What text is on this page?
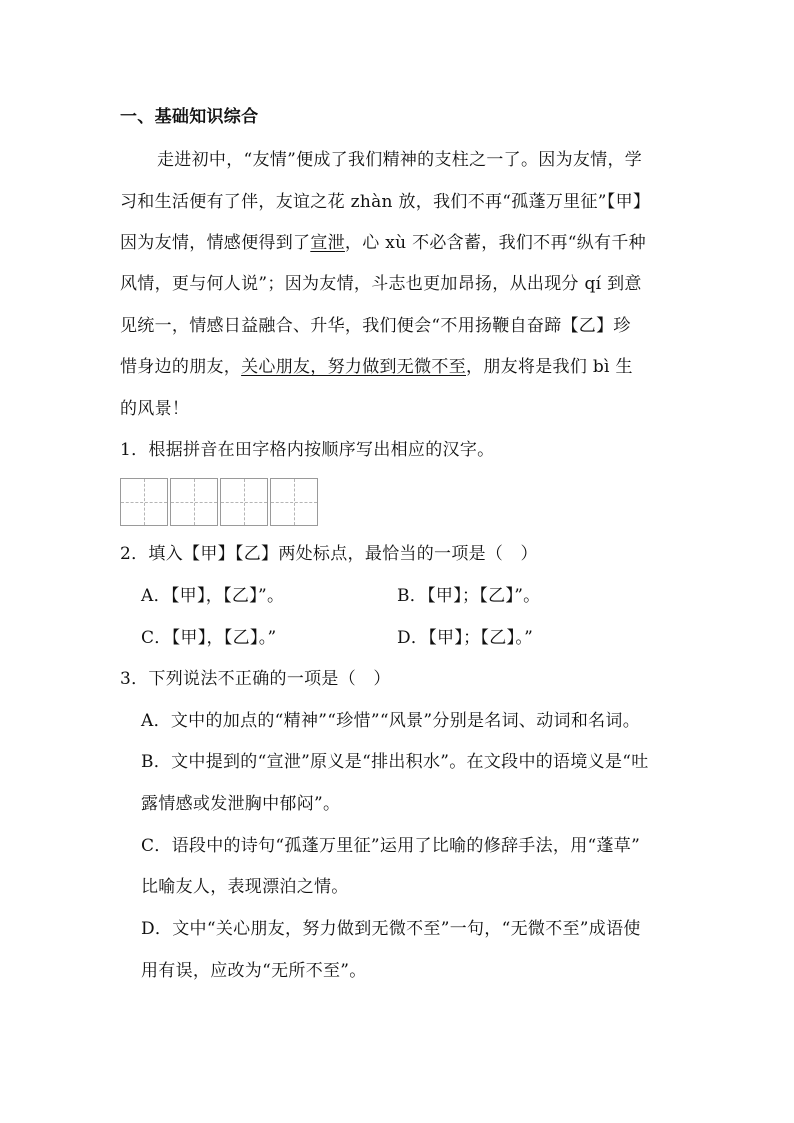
一、基础知识综合
走进初中，“友情”便成了我们精神的支柱之一了。因为友情，学
习和生活便有了伴，友谊之花 zhàn 放，我们不再“孤蓬万里征”【甲】
因为友情，情感便得到了宣泄，心 xù 不必含蓄，我们不再“纵有千种
风情，更与何人说”；因为友情，斗志也更加昂扬，从出现分 qí 到意
见统一，情感日益融合、升华，我们便会“不用扬鞭自奋蹄【乙】珍
惜身边的朋友，关心朋友，努力做到无微不至，朋友将是我们 bì 生
的风景！
1．根据拼音在田字格内按顺序写出相应的汉字。
2．填入【甲】【乙】两处标点，最恰当的一项是（　）
A．【甲】，【乙】”。	B．【甲】；【乙】”。
C．【甲】，【乙】。”	D．【甲】；【乙】。”
3．下列说法不正确的一项是（　）
A．文中的加点的“精神”“珍惜”“风景”分别是名词、动词和名词。
B．文中提到的“宣泄”原义是“排出积水”。在文段中的语境义是“吐
露情感或发泄胸中郁闷”。
C．语段中的诗句“孤蓬万里征”运用了比喻的修辞手法，用“蓬草”
比喻友人，表现漂泊之情。
D．文中“关心朋友，努力做到无微不至”一句，“无微不至”成语使
用有误，应改为“无所不至”。
